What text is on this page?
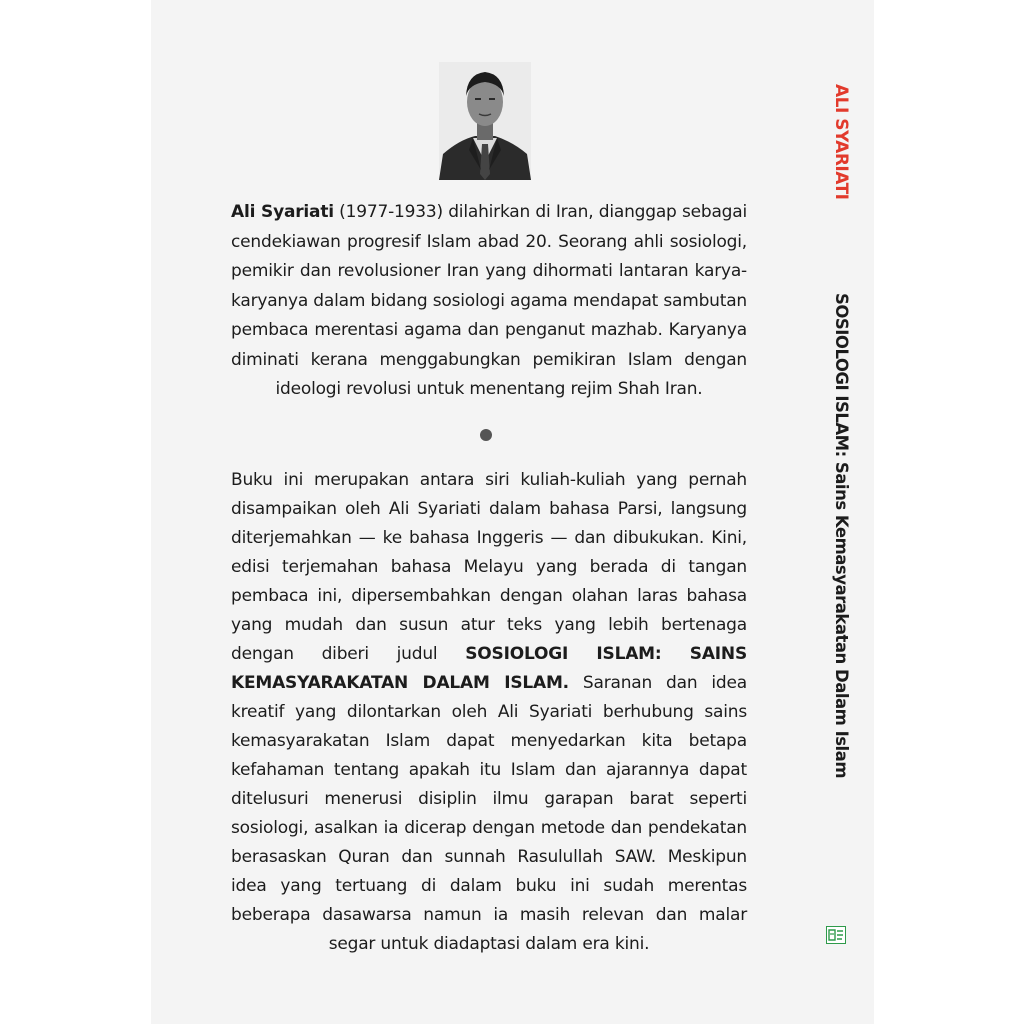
Ali Syariati (1977-1933) dilahirkan di Iran, dianggap sebagai cendekiawan progresif Islam abad 20. Seorang ahli sosiologi, pemikir dan revolusioner Iran yang dihormati lantaran karya-karyanya dalam bidang sosiologi agama mendapat sambutan pembaca merentasi agama dan penganut mazhab. Karyanya diminati kerana menggabungkan pemikiran Islam dengan ideologi revolusi untuk menentang rejim Shah Iran.
Buku ini merupakan antara siri kuliah-kuliah yang pernah disampaikan oleh Ali Syariati dalam bahasa Parsi, langsung diterjemahkan — ke bahasa Inggeris — dan dibukukan. Kini, edisi terjemahan bahasa Melayu yang berada di tangan pembaca ini, dipersembahkan dengan olahan laras bahasa yang mudah dan susun atur teks yang lebih bertenaga dengan diberi judul SOSIOLOGI ISLAM: SAINS KEMASYARAKATAN DALAM ISLAM. Saranan dan idea kreatif yang dilontarkan oleh Ali Syariati berhubung sains kemasyarakatan Islam dapat menyedarkan kita betapa kefahaman tentang apakah itu Islam dan ajarannya dapat ditelusuri menerusi disiplin ilmu garapan barat seperti sosiologi, asalkan ia dicerap dengan metode dan pendekatan berasaskan Quran dan sunnah Rasulullah SAW. Meskipun idea yang tertuang di dalam buku ini sudah merentas beberapa dasawarsa namun ia masih relevan dan malar segar untuk diadaptasi dalam era kini.
ALI SYARIATI
SOSIOLOGI ISLAM: Sains Kemasyarakatan Dalam Islam
